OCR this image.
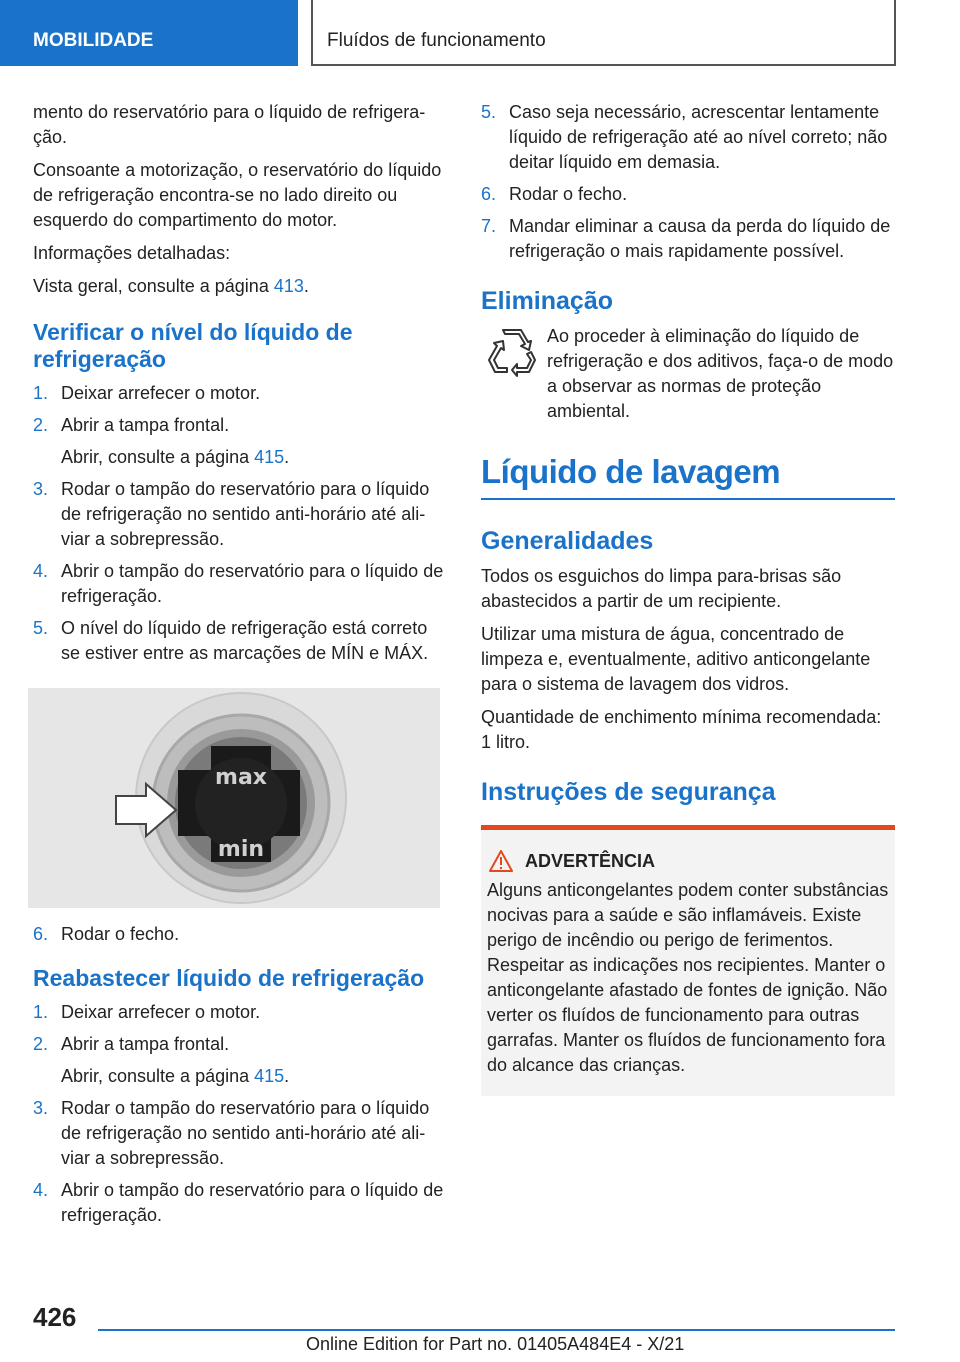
MOBILIDADE	Fluídos de funcionamento

mento do reservatório para o líquido de refrigeração.

Consoante a motorização, o reservatório do líquido de refrigeração encontra-se no lado direito ou esquerdo do compartimento do motor.

Informações detalhadas:

Vista geral, consulte a página 413.

Verificar o nível do líquido de refrigeração
1. Deixar arrefecer o motor.
2. Abrir a tampa frontal.
Abrir, consulte a página 415.
3. Rodar o tampão do reservatório para o líquido de refrigeração no sentido anti-horário até aliviar a sobrepressão.
4. Abrir o tampão do reservatório para o líquido de refrigeração.
5. O nível do líquido de refrigeração está correto se estiver entre as marcações de MÍN e MÁX.
max
min
6. Rodar o fecho.
Reabastecer líquido de refrigeração
1. Deixar arrefecer o motor.
2. Abrir a tampa frontal.
Abrir, consulte a página 415.
3. Rodar o tampão do reservatório para o líquido de refrigeração no sentido anti-horário até aliviar a sobrepressão.
4. Abrir o tampão do reservatório para o líquido de refrigeração.
5. Caso seja necessário, acrescentar lentamente líquido de refrigeração até ao nível correto; não deitar líquido em demasia.
6. Rodar o fecho.
7. Mandar eliminar a causa da perda do líquido de refrigeração o mais rapidamente possível.
Eliminação

Ao proceder à eliminação do líquido de refrigeração e dos aditivos, faça-o de modo a observar as normas de proteção ambiental.

Líquido de lavagem
Generalidades

Todos os esguichos do limpa para-brisas são abastecidos a partir de um recipiente.

Utilizar uma mistura de água, concentrado de limpeza e, eventualmente, aditivo anticongelante para o sistema de lavagem dos vidros.

Quantidade de enchimento mínima recomendada: 1 litro.

Instruções de segurança
ADVERTÊNCIA

Alguns anticongelantes podem conter substâncias nocivas para a saúde e são inflamáveis. Existe perigo de incêndio ou perigo de ferimentos. Respeitar as indicações nos recipientes. Manter o anticongelante afastado de fontes de ignição. Não verter os fluídos de funcionamento para outras garrafas. Manter os fluídos de funcionamento fora do alcance das crianças.

426
Online Edition for Part no. 01405A484E4 - X/21
